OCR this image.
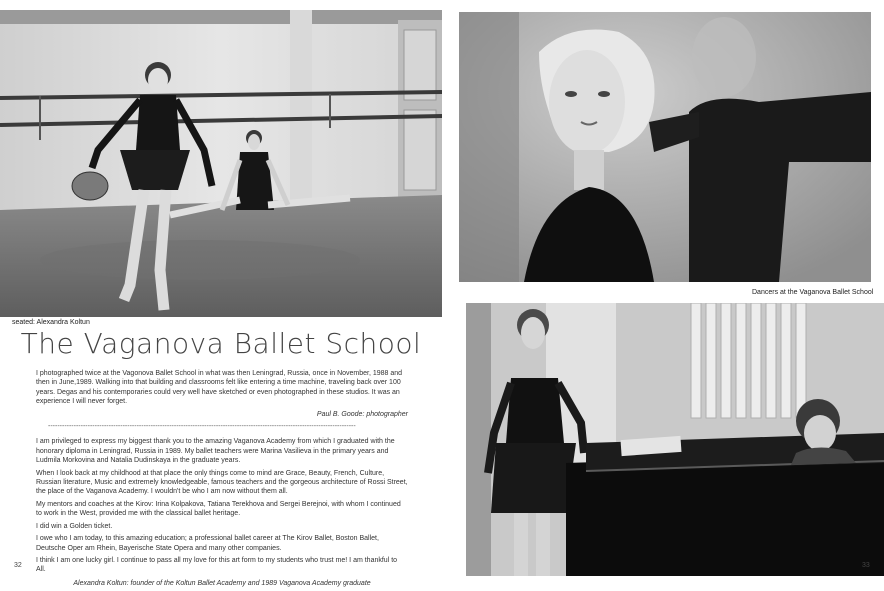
seated: Alexandra Koltun
Dancers at the Vaganova Ballet School
The Vaganova Ballet School

I photographed twice at the Vagonova Ballet School in what was then Leningrad, Russia, once in November, 1988 and then in June,1989. Walking into that building and classrooms felt like entering a time machine, traveling back over 100 years. Degas and his contemporaries could very well have sketched or even photographed in these studios. It was an experience I will never forget.

Paul B. Goode: photographer

------------------------------------------------------------------------------------------------------------------------------------

I am privileged to express my biggest thank you to the amazing Vaganova Academy from which I graduated with the honorary diploma in Leningrad, Russia in 1989. My ballet teachers were Marina Vasilieva in the primary years and Ludmila Morkovina and Natalia Dudinskaya in the graduate years.

When I look back at my childhood at that place the only things come to mind are Grace, Beauty, French, Culture, Russian literature, Music and extremely knowledgeable, famous teachers and the gorgeous architecture of Rossi Street, the place of the Vaganova Academy. I wouldn't be who I am now without them all.

My mentors and coaches at the Kirov: Irina Kolpakova, Tatiana Terekhova and Sergei Berejnoi, with whom I continued to work in the West, provided me with the classical ballet heritage.

I did win a Golden ticket.

I owe who I am today, to this amazing education; a professional ballet career at The Kirov Ballet, Boston Ballet, Deutsche Oper am Rhein, Bayerische State Opera and many other companies.

I think I am one lucky girl. I continue to pass all my love for this art form to my students who trust me! I am thankful to All.

Alexandra Koltun: founder of the Koltun Ballet Academy and 1989 Vaganova Academy graduate

32	33
